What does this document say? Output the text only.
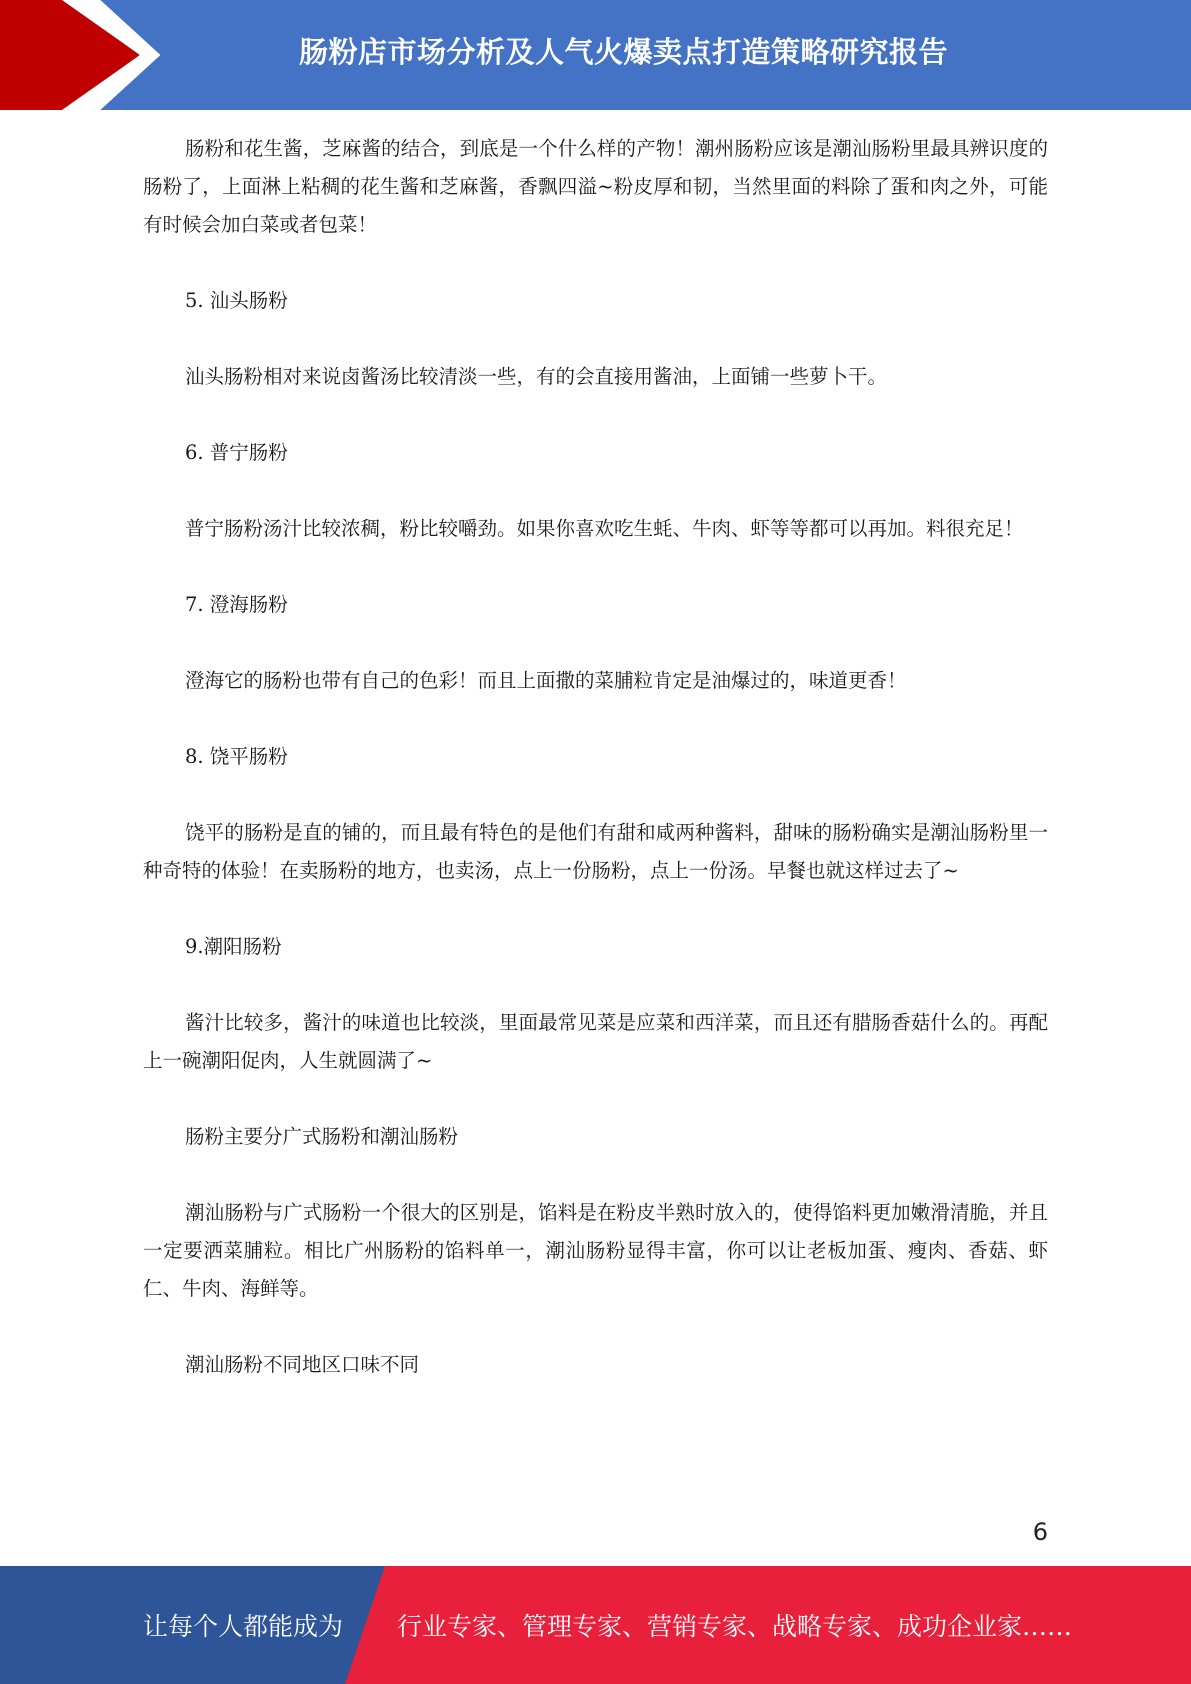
肠粉店市场分析及人气火爆卖点打造策略研究报告

肠粉和花生酱，芝麻酱的结合，到底是一个什么样的产物！潮州肠粉应该是潮汕肠粉里最具辨识度的肠粉了，上面淋上粘稠的花生酱和芝麻酱，香飘四溢~粉皮厚和韧，当然里面的料除了蛋和肉之外，可能有时候会加白菜或者包菜！

5. 汕头肠粉

汕头肠粉相对来说卤酱汤比较清淡一些，有的会直接用酱油，上面铺一些萝卜干。

6. 普宁肠粉

普宁肠粉汤汁比较浓稠，粉比较嚼劲。如果你喜欢吃生蚝、牛肉、虾等等都可以再加。料很充足！

7. 澄海肠粉

澄海它的肠粉也带有自己的色彩！而且上面撒的菜脯粒肯定是油爆过的，味道更香！

8. 饶平肠粉

饶平的肠粉是直的铺的，而且最有特色的是他们有甜和咸两种酱料，甜味的肠粉确实是潮汕肠粉里一种奇特的体验！在卖肠粉的地方，也卖汤，点上一份肠粉，点上一份汤。早餐也就这样过去了~

9.潮阳肠粉

酱汁比较多，酱汁的味道也比较淡，里面最常见菜是应菜和西洋菜，而且还有腊肠香菇什么的。再配上一碗潮阳促肉，人生就圆满了~

肠粉主要分广式肠粉和潮汕肠粉

潮汕肠粉与广式肠粉一个很大的区别是，馅料是在粉皮半熟时放入的，使得馅料更加嫩滑清脆，并且一定要洒菜脯粒。相比广州肠粉的馅料单一，潮汕肠粉显得丰富，你可以让老板加蛋、瘦肉、香菇、虾仁、牛肉、海鲜等。

潮汕肠粉不同地区口味不同

6
让每个人都能成为 行业专家、管理专家、营销专家、战略专家、成功企业家……
